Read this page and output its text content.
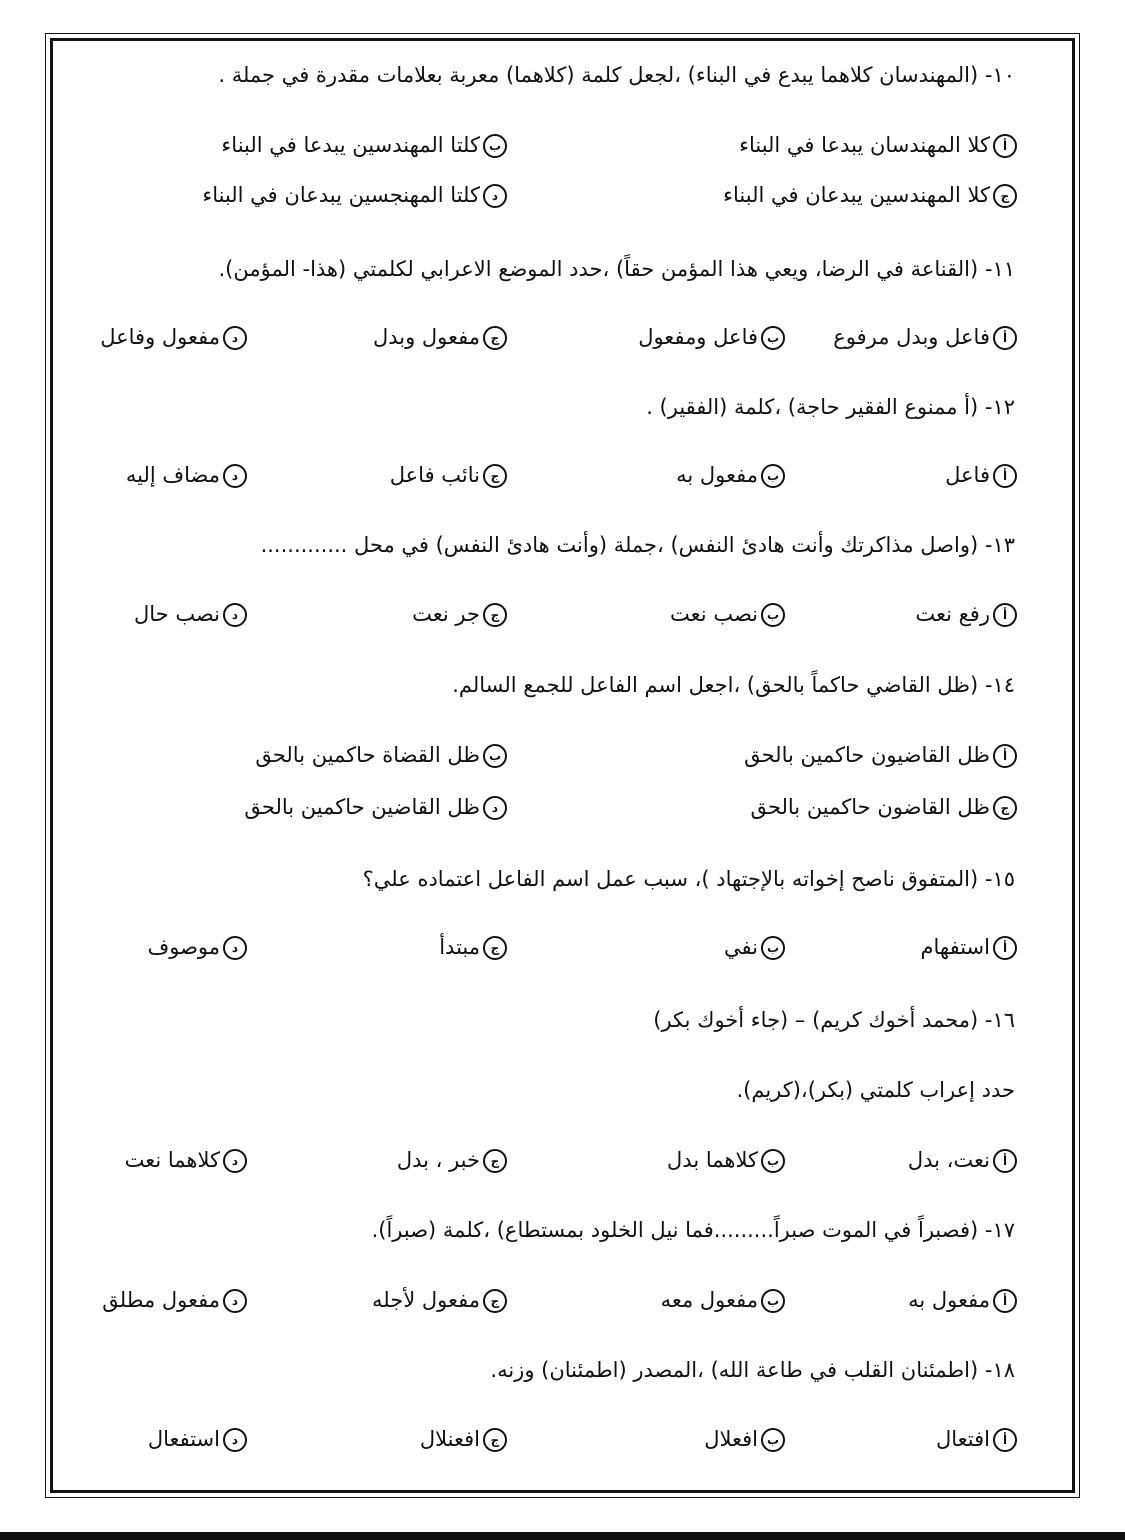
١٠- (المهندسان كلاهما يبدع في البناء) ،لجعل كلمة (كلاهما) معربة بعلامات مقدرة في جملة .
أكلا المهندسان يبدعا في البناء
بكلتا المهندسين يبدعا في البناء
جكلا المهندسين يبدعان في البناء
دكلتا المهنجسين يبدعان في البناء
١١- (القناعة في الرضا، ويعي هذا المؤمن حقاً) ،حدد الموضع الاعرابي لكلمتي (هذا- المؤمن).
أفاعل وبدل مرفوع
بفاعل ومفعول
جمفعول وبدل
دمفعول وفاعل
١٢- (أ ممنوع الفقير حاجة) ،كلمة (الفقير) .
أفاعل
بمفعول به
جنائب فاعل
دمضاف إليه
١٣- (واصل مذاكرتك وأنت هادئ النفس) ،جملة (وأنت هادئ النفس) في محل .............
أرفع نعت
بنصب نعت
ججر نعت
دنصب حال
١٤- (ظل القاضي حاكماً بالحق) ،اجعل اسم الفاعل للجمع السالم.
أظل القاضيون حاكمين بالحق
بظل القضاة حاكمين بالحق
جظل القاضون حاكمين بالحق
دظل القاضين حاكمين بالحق
١٥- (المتفوق ناصح إخواته بالإجتهاد )، سبب عمل اسم الفاعل اعتماده علي؟
أاستفهام
بنفي
جمبتدأ
دموصوف
١٦- (محمد أخوك كريم) – (جاء أخوك بكر)
حدد إعراب كلمتي (بكر)،(كريم).
أنعت، بدل
بكلاهما بدل
جخبر ، بدل
دكلاهما نعت
١٧- (فصبراً في الموت صبراً.........فما نيل الخلود بمستطاع) ،كلمة (صبراً).
أمفعول به
بمفعول معه
جمفعول لأجله
دمفعول مطلق
١٨- (اطمئنان القلب في طاعة الله) ،المصدر (اطمئنان) وزنه.
أافتعال
بافعلال
جافعنلال
داستفعال
